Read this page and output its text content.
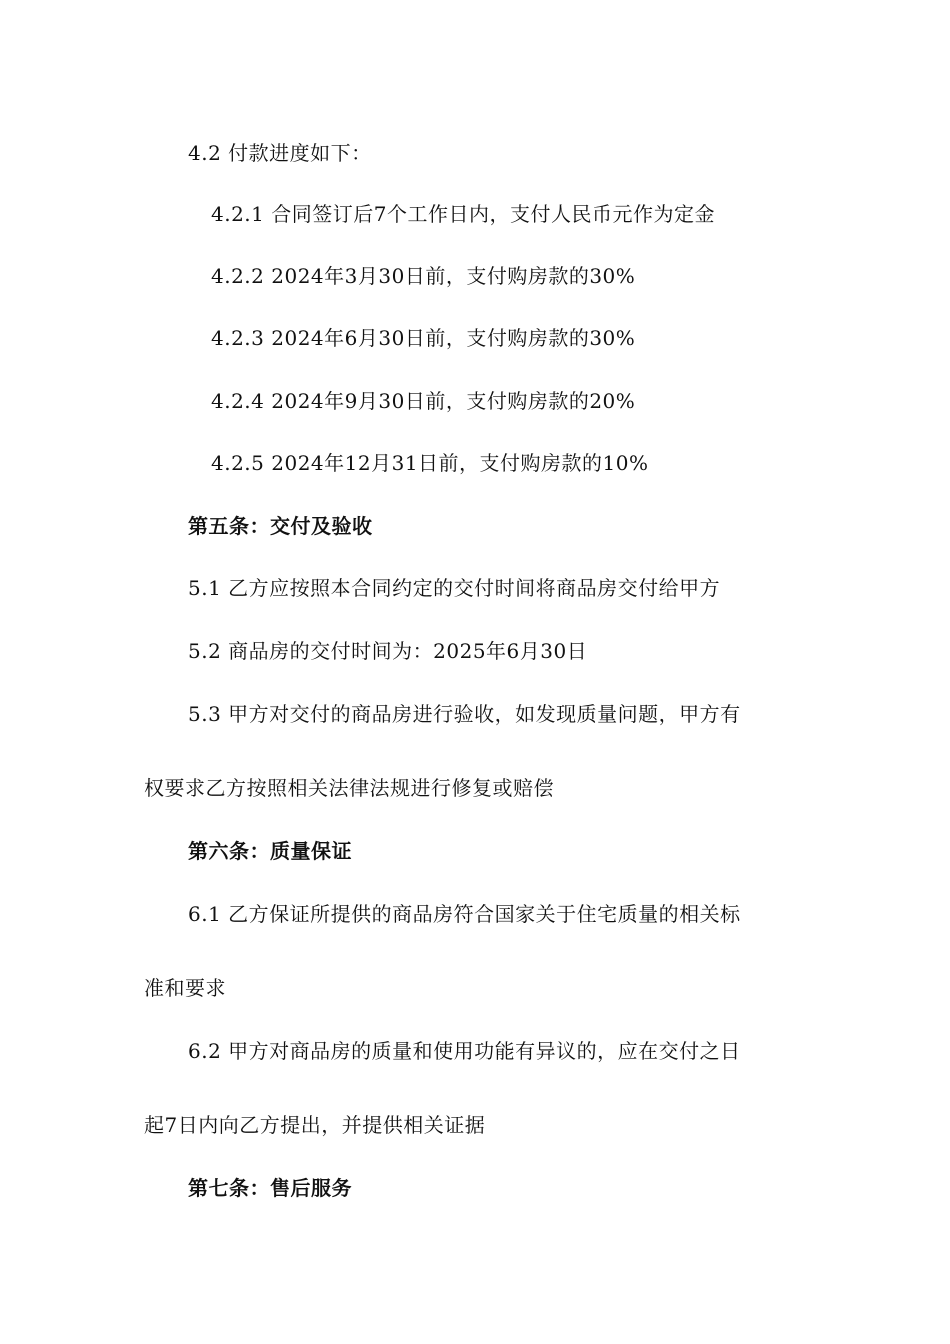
4.2 付款进度如下：
4.2.1 合同签订后7个工作日内，支付人民币元作为定金
4.2.2 2024年3月30日前，支付购房款的30%
4.2.3 2024年6月30日前，支付购房款的30%
4.2.4 2024年9月30日前，支付购房款的20%
4.2.5 2024年12月31日前，支付购房款的10%
第五条：交付及验收
5.1 乙方应按照本合同约定的交付时间将商品房交付给甲方
5.2 商品房的交付时间为：2025年6月30日
5.3 甲方对交付的商品房进行验收，如发现质量问题，甲方有
权要求乙方按照相关法律法规进行修复或赔偿
第六条：质量保证
6.1 乙方保证所提供的商品房符合国家关于住宅质量的相关标
准和要求
6.2 甲方对商品房的质量和使用功能有异议的，应在交付之日
起7日内向乙方提出，并提供相关证据
第七条：售后服务
